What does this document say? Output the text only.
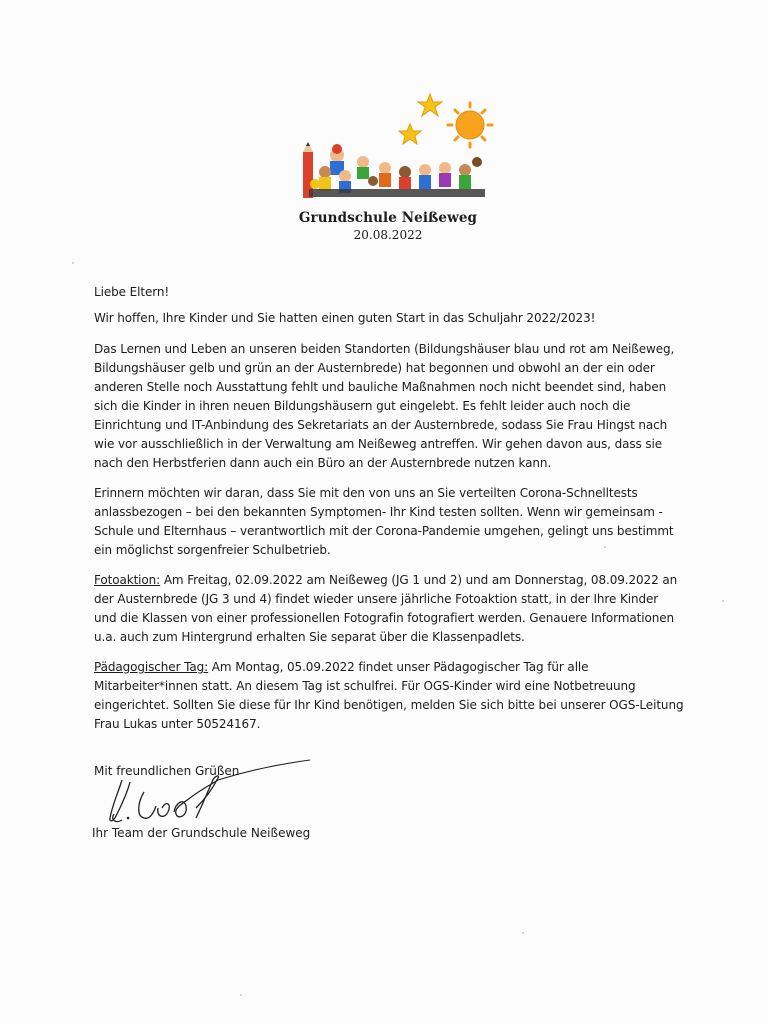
Grundschule Neißeweg
20.08.2022

Liebe Eltern!

Wir hoffen, Ihre Kinder und Sie hatten einen guten Start in das Schuljahr 2022/2023!

Das Lernen und Leben an unseren beiden Standorten (Bildungshäuser blau und rot am Neißeweg, Bildungshäuser gelb und grün an der Austernbrede) hat begonnen und obwohl an der ein oder anderen Stelle noch Ausstattung fehlt und bauliche Maßnahmen noch nicht beendet sind, haben sich die Kinder in ihren neuen Bildungshäusern gut eingelebt. Es fehlt leider auch noch die Einrichtung und IT-Anbindung des Sekretariats an der Austernbrede, sodass Sie Frau Hingst nach wie vor ausschließlich in der Verwaltung am Neißeweg antreffen. Wir gehen davon aus, dass sie nach den Herbstferien dann auch ein Büro an der Austernbrede nutzen kann.

Erinnern möchten wir daran, dass Sie mit den von uns an Sie verteilten Corona-Schnelltests anlassbezogen – bei den bekannten Symptomen- Ihr Kind testen sollten. Wenn wir gemeinsam - Schule und Elternhaus – verantwortlich mit der Corona-Pandemie umgehen, gelingt uns bestimmt ein möglichst sorgenfreier Schulbetrieb.

Fotoaktion: Am Freitag, 02.09.2022 am Neißeweg (JG 1 und 2) und am Donnerstag, 08.09.2022 an der Austernbrede (JG 3 und 4) findet wieder unsere jährliche Fotoaktion statt, in der Ihre Kinder und die Klassen von einer professionellen Fotografin fotografiert werden. Genauere Informationen u.a. auch zum Hintergrund erhalten Sie separat über die Klassenpadlets.

Pädagogischer Tag: Am Montag, 05.09.2022 findet unser Pädagogischer Tag für alle Mitarbeiter*innen statt. An diesem Tag ist schulfrei. Für OGS-Kinder wird eine Notbetreuung eingerichtet. Sollten Sie diese für Ihr Kind benötigen, melden Sie sich bitte bei unserer OGS-Leitung Frau Lukas unter 50524167.

Mit freundlichen Grüßen
Ihr Team der Grundschule Neißeweg
